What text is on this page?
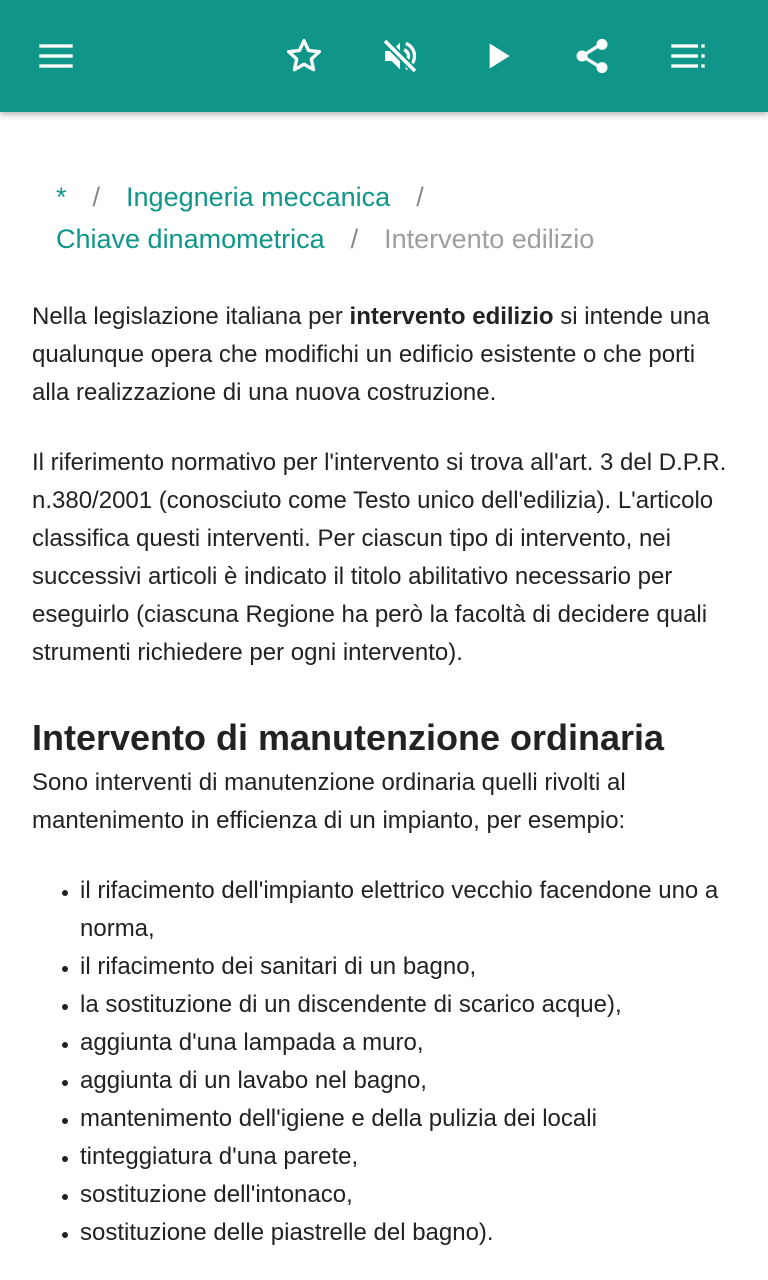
* / Ingegneria meccanica /
Chiave dinamometrica / Intervento edilizio

Nella legislazione italiana per intervento edilizio si intende una qualunque opera che modifichi un edificio esistente o che porti alla realizzazione di una nuova costruzione.

Il riferimento normativo per l'intervento si trova all'art. 3 del D.P.R. n.380/2001 (conosciuto come Testo unico dell'edilizia). L'articolo classifica questi interventi. Per ciascun tipo di intervento, nei successivi articoli è indicato il titolo abilitativo necessario per eseguirlo (ciascuna Regione ha però la facoltà di decidere quali strumenti richiedere per ogni intervento).

Intervento di manutenzione ordinaria
Sono interventi di manutenzione ordinaria quelli rivolti al mantenimento in efficienza di un impianto, per esempio:
• il rifacimento dell'impianto elettrico vecchio facendone uno a norma,
• il rifacimento dei sanitari di un bagno,
• la sostituzione di un discendente di scarico acque),
• aggiunta d'una lampada a muro,
• aggiunta di un lavabo nel bagno,
• mantenimento dell'igiene e della pulizia dei locali
• tinteggiatura d'una parete,
• sostituzione dell'intonaco,
• sostituzione delle piastrelle del bagno).
